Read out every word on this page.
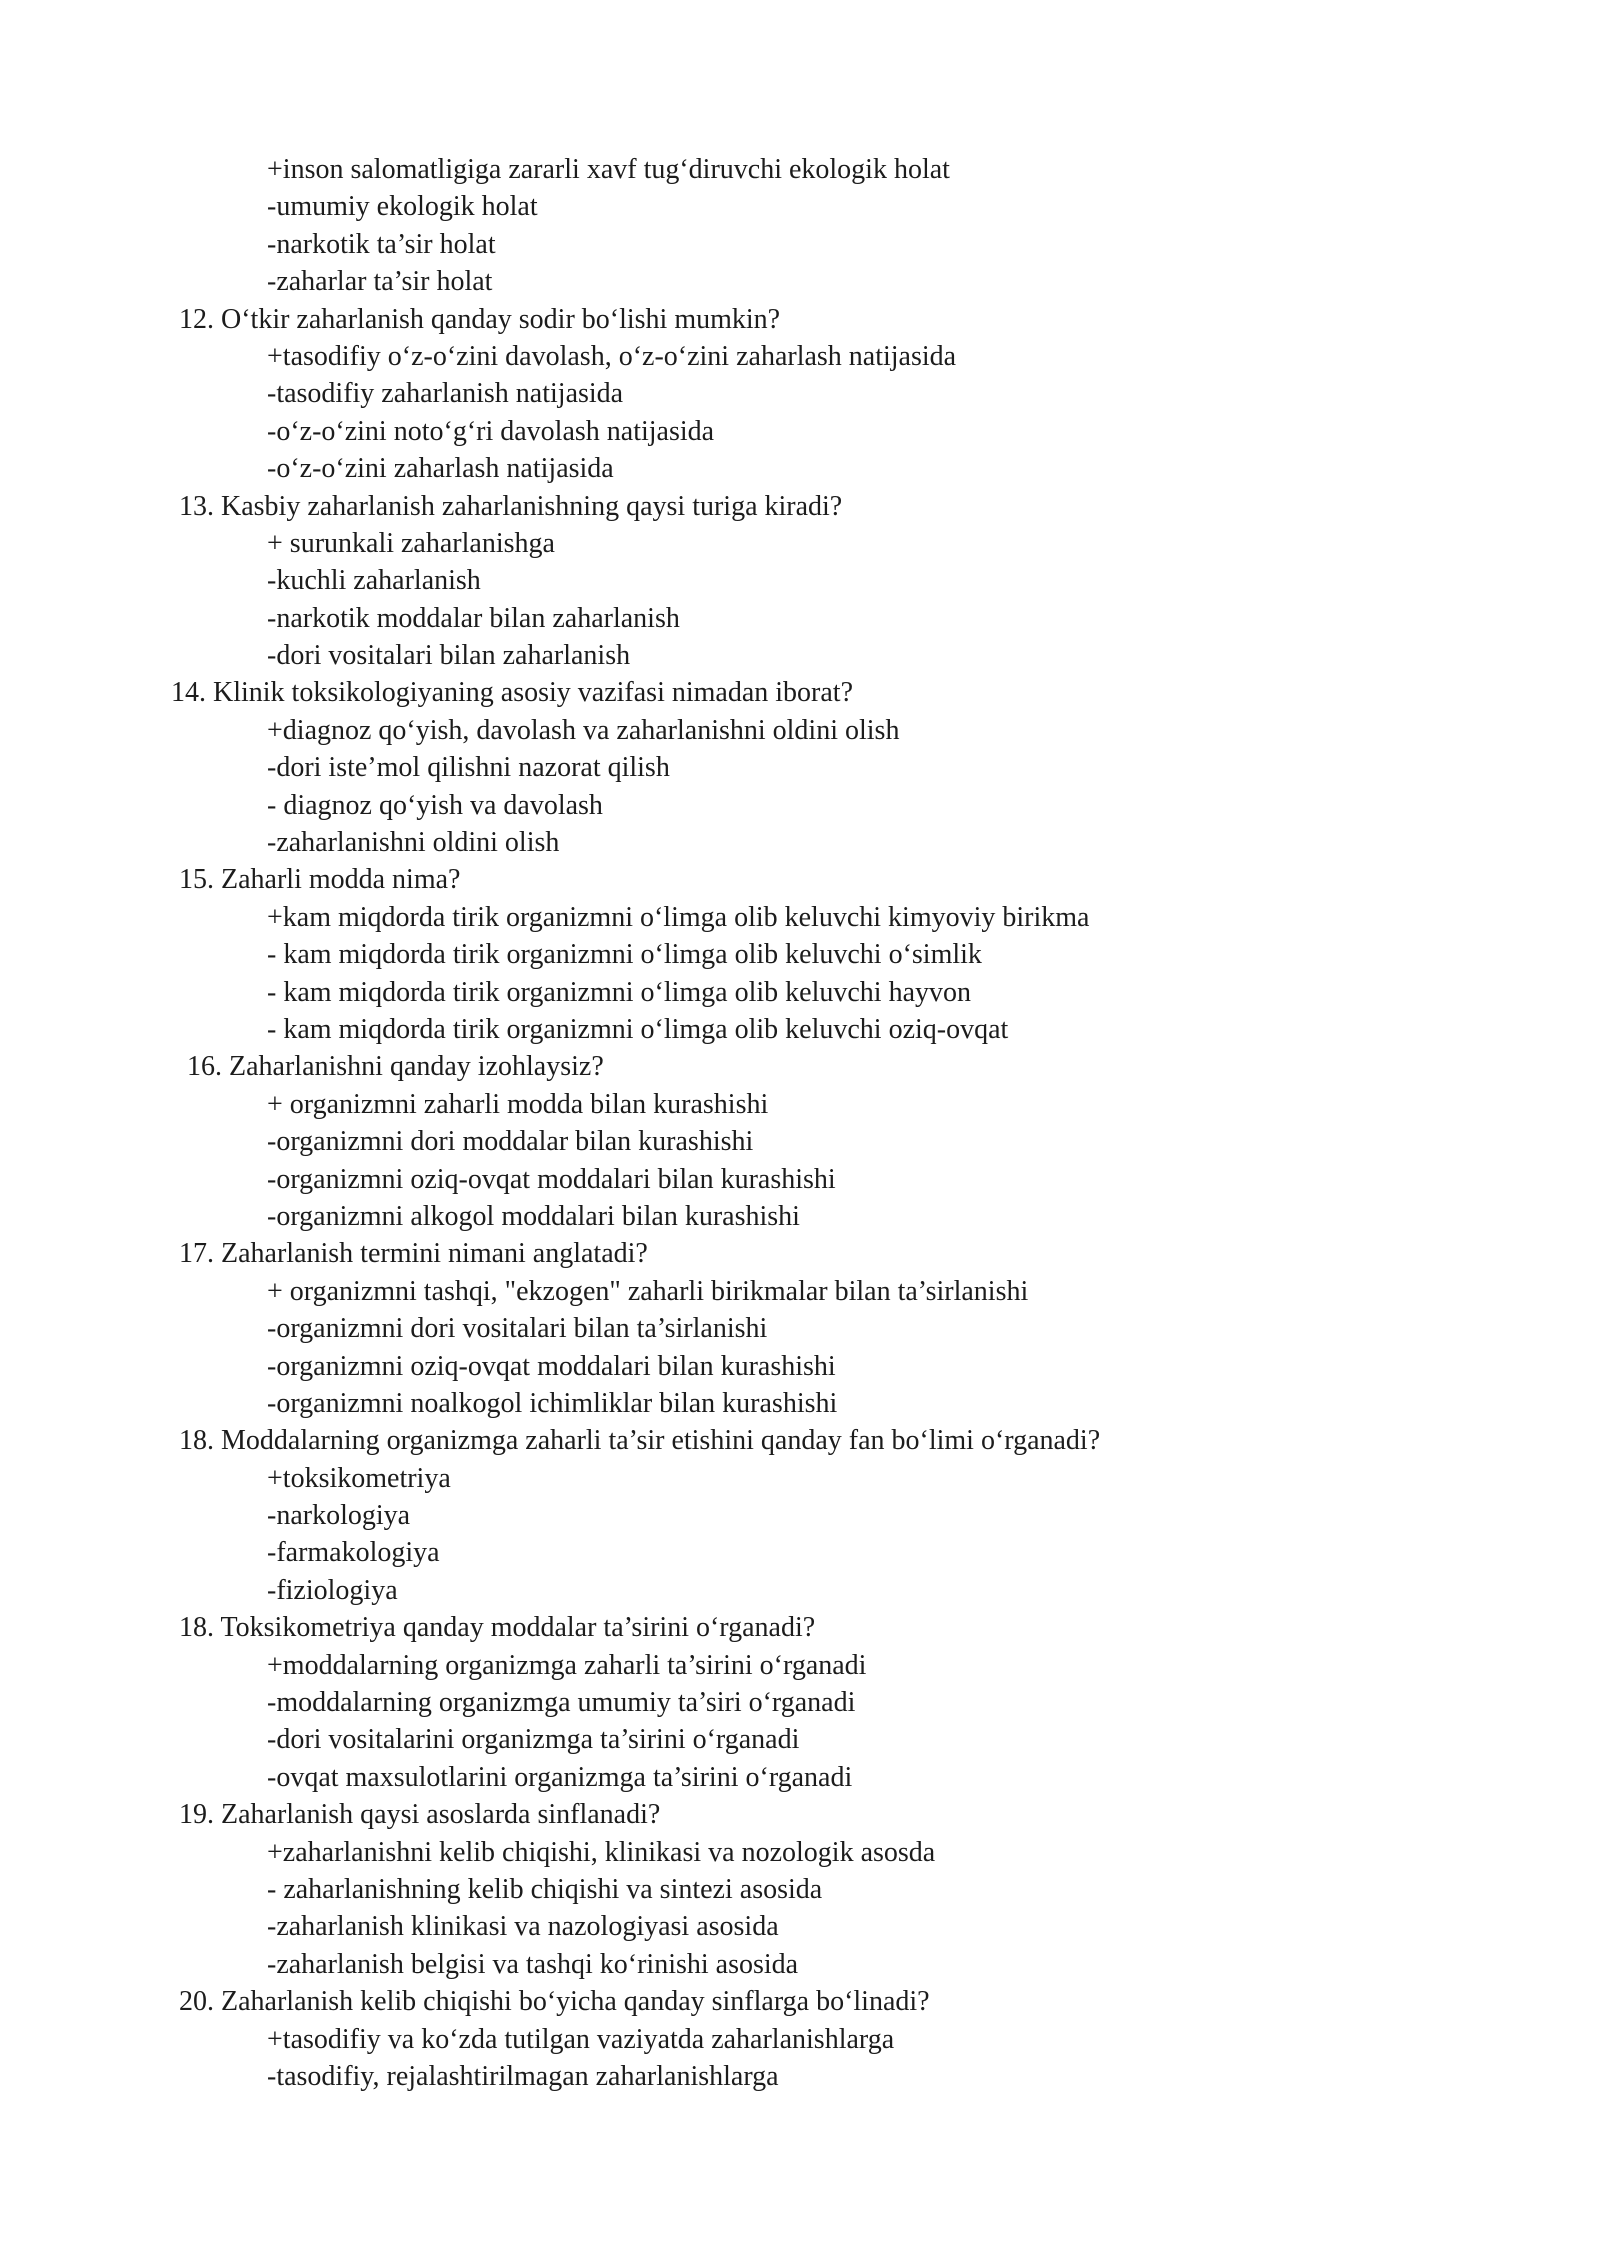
+inson salomatligiga zararli xavf tug‘diruvchi ekologik holat
-umumiy ekologik holat
-narkotik ta’sir holat
-zaharlar ta’sir holat
12. O‘tkir zaharlanish qanday sodir bo‘lishi mumkin?
+tasodifiy o‘z-o‘zini davolash, o‘z-o‘zini zaharlash natijasida
-tasodifiy zaharlanish natijasida
-o‘z-o‘zini noto‘g‘ri davolash natijasida
-o‘z-o‘zini zaharlash natijasida
13. Kasbiy zaharlanish zaharlanishning qaysi turiga kiradi?
+ surunkali zaharlanishga
-kuchli zaharlanish
-narkotik moddalar bilan zaharlanish
-dori vositalari bilan zaharlanish
14. Klinik toksikologiyaning asosiy vazifasi nimadan iborat?
+diagnoz qo‘yish, davolash va zaharlanishni oldini olish
-dori iste’mol qilishni nazorat qilish
- diagnoz qo‘yish va davolash
-zaharlanishni oldini olish
15. Zaharli modda nima?
+kam miqdorda tirik organizmni o‘limga olib keluvchi kimyoviy birikma
- kam miqdorda tirik organizmni o‘limga olib keluvchi o‘simlik
- kam miqdorda tirik organizmni o‘limga olib keluvchi hayvon
- kam miqdorda tirik organizmni o‘limga olib keluvchi oziq-ovqat
16. Zaharlanishni qanday izohlaysiz?
+ organizmni zaharli modda bilan kurashishi
-organizmni dori moddalar bilan kurashishi
-organizmni oziq-ovqat moddalari bilan kurashishi
-organizmni alkogol moddalari bilan kurashishi
17. Zaharlanish termini nimani anglatadi?
+ organizmni tashqi, "ekzogen" zaharli birikmalar bilan ta’sirlanishi
-organizmni dori vositalari bilan ta’sirlanishi
-organizmni oziq-ovqat moddalari bilan kurashishi
-organizmni noalkogol ichimliklar bilan kurashishi
18. Moddalarning organizmga zaharli ta’sir etishini qanday fan bo‘limi o‘rganadi?
+toksikometriya
-narkologiya
-farmakologiya
-fiziologiya
18. Toksikometriya qanday moddalar ta’sirini o‘rganadi?
+moddalarning organizmga zaharli ta’sirini o‘rganadi
-moddalarning organizmga umumiy ta’siri o‘rganadi
-dori vositalarini organizmga ta’sirini o‘rganadi
-ovqat maxsulotlarini organizmga ta’sirini o‘rganadi
19. Zaharlanish qaysi asoslarda sinflanadi?
+zaharlanishni kelib chiqishi, klinikasi va nozologik asosda
- zaharlanishning kelib chiqishi va sintezi asosida
-zaharlanish klinikasi va nazologiyasi asosida
-zaharlanish belgisi va tashqi ko‘rinishi asosida
20. Zaharlanish kelib chiqishi bo‘yicha qanday sinflarga bo‘linadi?
+tasodifiy va ko‘zda tutilgan vaziyatda zaharlanishlarga
-tasodifiy, rejalashtirilmagan zaharlanishlarga
